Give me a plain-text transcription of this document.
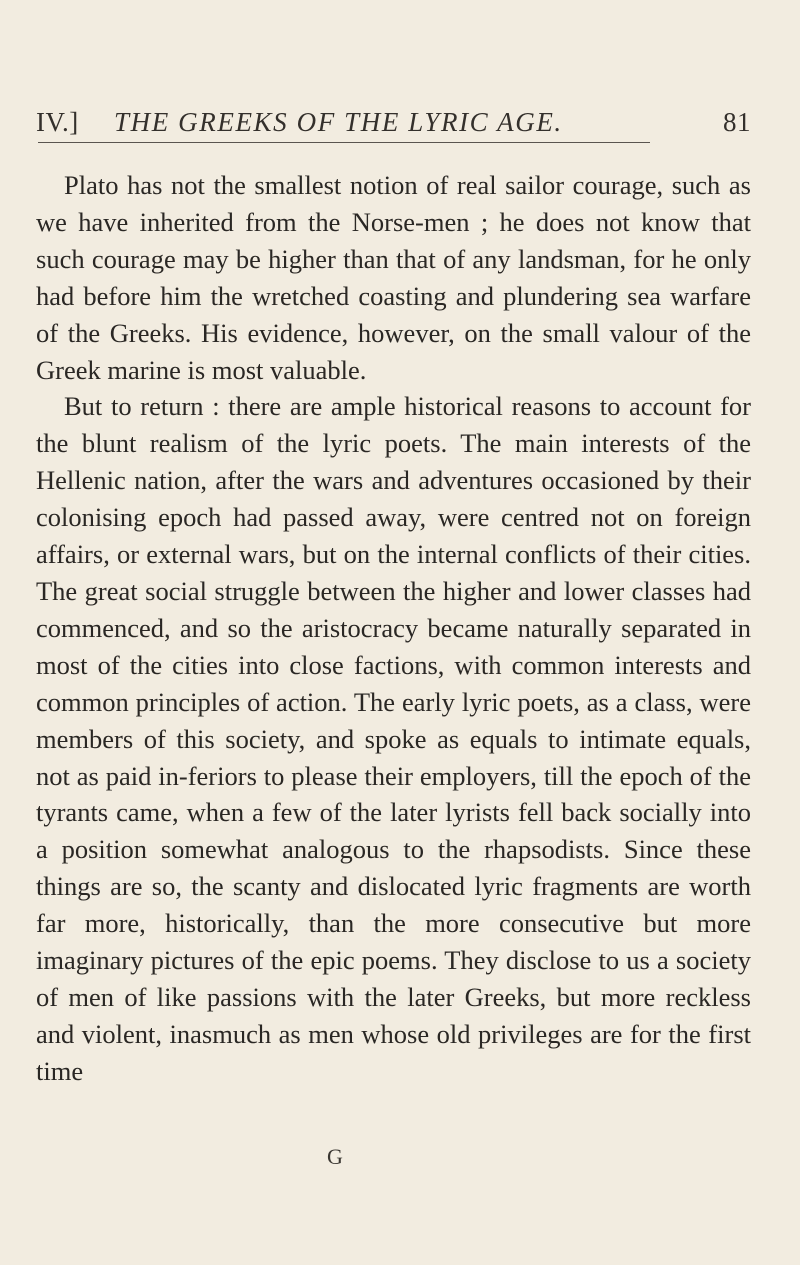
IV.] THE GREEKS OF THE LYRIC AGE.	81

Plato has not the smallest notion of real sailor courage, such as we have inherited from the Norse-men ; he does not know that such courage may be higher than that of any landsman, for he only had before him the wretched coasting and plundering sea warfare of the Greeks. His evidence, however, on the small valour of the Greek marine is most valuable.

But to return : there are ample historical reasons to account for the blunt realism of the lyric poets. The main interests of the Hellenic nation, after the wars and adventures occasioned by their colonising epoch had passed away, were centred not on foreign affairs, or external wars, but on the internal conflicts of their cities. The great social struggle between the higher and lower classes had commenced, and so the aristocracy became naturally separated in most of the cities into close factions, with common interests and common principles of action. The early lyric poets, as a class, were members of this society, and spoke as equals to intimate equals, not as paid in-feriors to please their employers, till the epoch of the tyrants came, when a few of the later lyrists fell back socially into a position somewhat analogous to the rhapsodists. Since these things are so, the scanty and dislocated lyric fragments are worth far more, historically, than the more consecutive but more imaginary pictures of the epic poems. They disclose to us a society of men of like passions with the later Greeks, but more reckless and violent, inasmuch as men whose old privileges are for the first time

G
